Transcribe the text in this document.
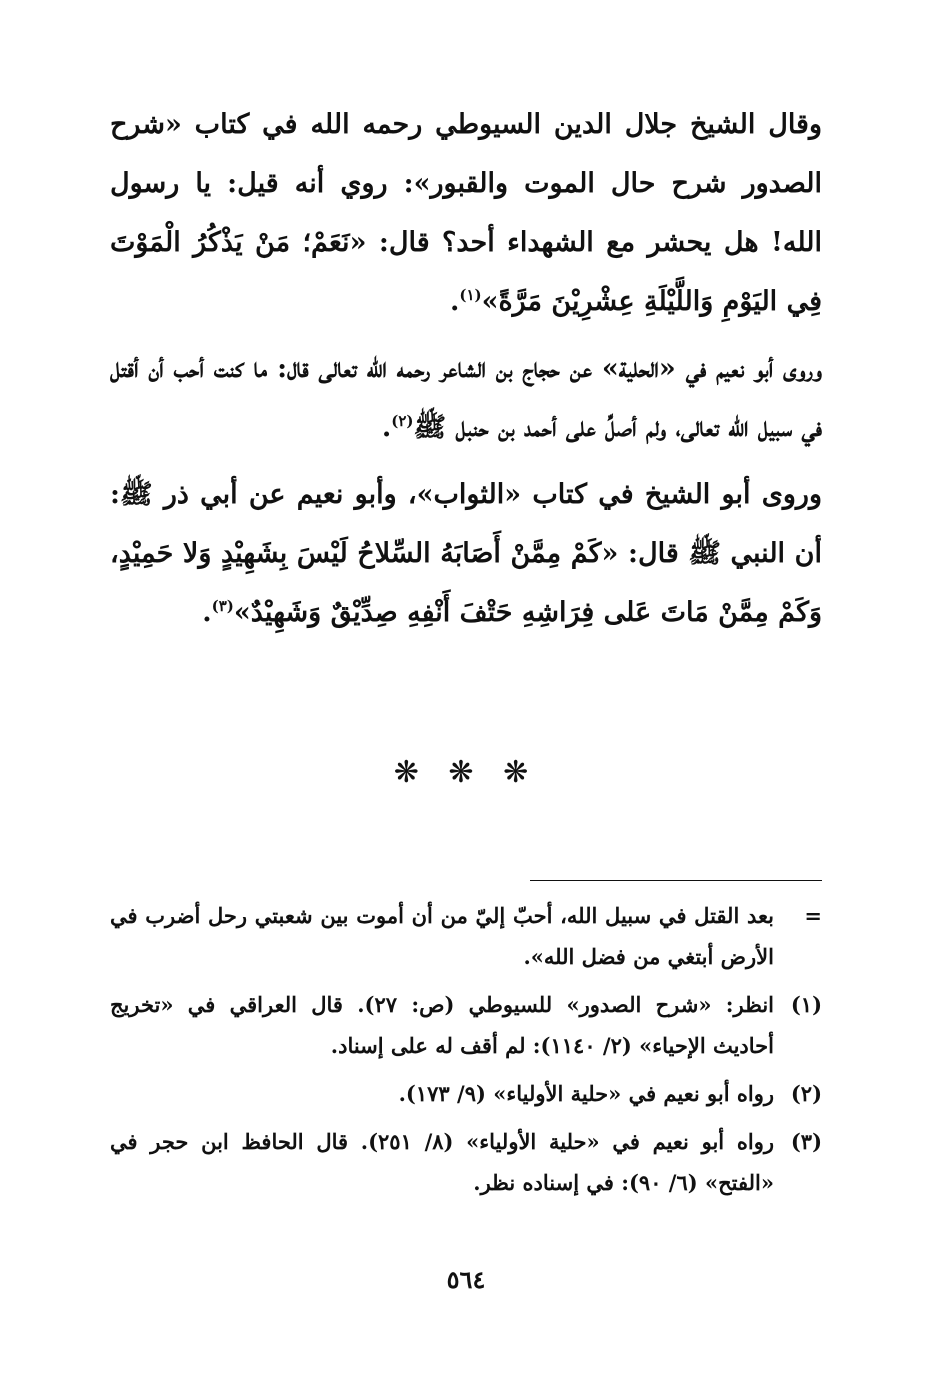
وقال الشيخ جلال الدين السيوطي رحمه الله في كتاب «شرح الصدور شرح حال الموت والقبور»: روي أنه قيل: يا رسول الله! هل يحشر مع الشهداء أحد؟ قال: «نَعَمْ؛ مَنْ يَذْكُرُ الْمَوْتَ فِي اليَوْمِ وَاللَّيْلَةِ عِشْرِيْنَ مَرَّةً»$^{(١)}$.

وروى أبو نعيم في «الحلية» عن حجاج بن الشاعر رحمه الله تعالى قال: ما كنت أحب أن أقتل في سبيل الله تعالى، ولم أصلِّ على أحمد بن حنبل ﷺ$^{(٢)}$.

وروى أبو الشيخ في كتاب «الثواب»، وأبو نعيم عن أبي ذر ﷺ: أن النبي ﷺ قال: «كَمْ مِمَّنْ أَصَابَهُ السِّلاحُ لَيْسَ بِشَهِيْدٍ وَلا حَمِيْدٍ، وَكَمْ مِمَّنْ مَاتَ عَلى فِرَاشِهِ حَتْفَ أَنْفِهِ صِدِّيْقٌ وَشَهِيْدٌ»$^{(٣)}$.

❋ ❋ ❋
=
بعد القتل في سبيل الله، أحبّ إليّ من أن أموت بين شعبتي رحل أضرب في الأرض أبتغي من فضل الله».
(١)
انظر: «شرح الصدور» للسيوطي (ص: ٢٧). قال العراقي في «تخريج أحاديث الإحياء» (٢/ ١١٤٠): لم أقف له على إسناد.
(٢)
رواه أبو نعيم في «حلية الأولياء» (٩/ ١٧٣).
(٣)
رواه أبو نعيم في «حلية الأولياء» (٨/ ٢٥١). قال الحافظ ابن حجر في «الفتح» (٦/ ٩٠): في إسناده نظر.
٥٦٤
